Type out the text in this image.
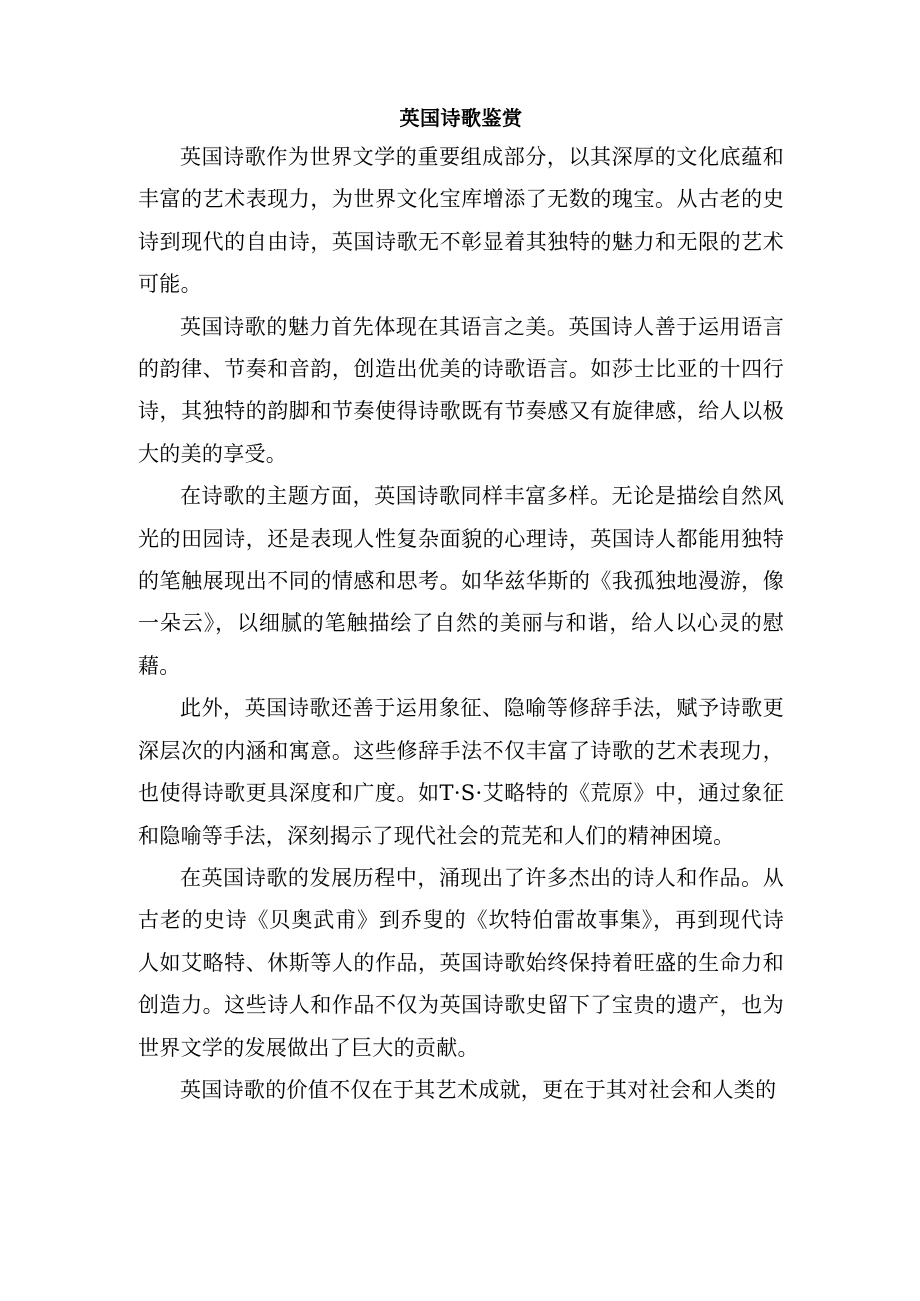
英国诗歌鉴赏

英国诗歌作为世界文学的重要组成部分，以其深厚的文化底蕴和丰富的艺术表现力，为世界文化宝库增添了无数的瑰宝。从古老的史诗到现代的自由诗，英国诗歌无不彰显着其独特的魅力和无限的艺术可能。

英国诗歌的魅力首先体现在其语言之美。英国诗人善于运用语言的韵律、节奏和音韵，创造出优美的诗歌语言。如莎士比亚的十四行诗，其独特的韵脚和节奏使得诗歌既有节奏感又有旋律感，给人以极大的美的享受。

在诗歌的主题方面，英国诗歌同样丰富多样。无论是描绘自然风光的田园诗，还是表现人性复杂面貌的心理诗，英国诗人都能用独特的笔触展现出不同的情感和思考。如华兹华斯的《我孤独地漫游，像一朵云》，以细腻的笔触描绘了自然的美丽与和谐，给人以心灵的慰藉。

此外，英国诗歌还善于运用象征、隐喻等修辞手法，赋予诗歌更深层次的内涵和寓意。这些修辞手法不仅丰富了诗歌的艺术表现力，也使得诗歌更具深度和广度。如T·S·艾略特的《荒原》中，通过象征和隐喻等手法，深刻揭示了现代社会的荒芜和人们的精神困境。

在英国诗歌的发展历程中，涌现出了许多杰出的诗人和作品。从古老的史诗《贝奥武甫》到乔叟的《坎特伯雷故事集》，再到现代诗人如艾略特、休斯等人的作品，英国诗歌始终保持着旺盛的生命力和创造力。这些诗人和作品不仅为英国诗歌史留下了宝贵的遗产，也为世界文学的发展做出了巨大的贡献。

英国诗歌的价值不仅在于其艺术成就，更在于其对社会和人类的
